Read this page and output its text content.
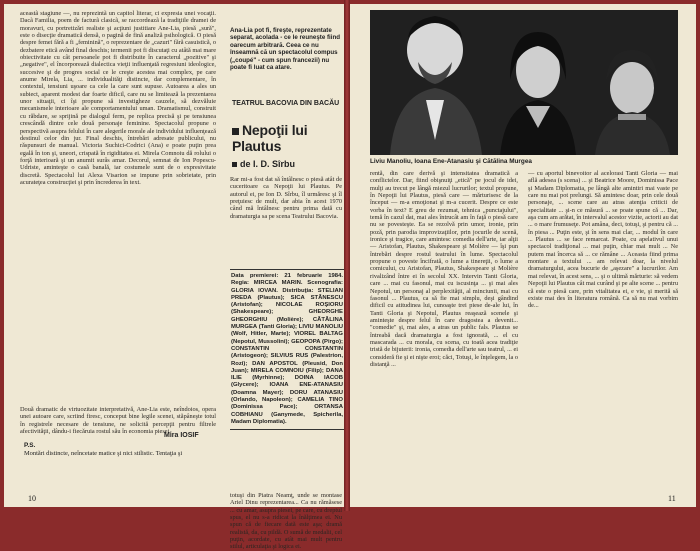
aceastã stagiune —, nu reprezintã un capitol literar, ci expresia unei vocaţii. Dacã Familia, poem de facturã clasicã, se raccordeazã la tradiţiile dramei de moravuri, cu portretizări realiste şi acţiuni justitiare Ane-Lia, piesă „sură", este o disecţie dramatică densă, o pagină de fină analiză psihologică. O piesă despre femei fără a fi „feminină", o reprezentare de „cazuri" fără casuistică, o dezbatere etică având final deschis; termenii pot fi discutaţi cu atâtă mai mare obiectivitate cu cât persoanele pot fi distribuite în caracterul „pozitive" şi „negative", el încorporează dialectica vieţii influenţată regresiuni ideologice, succesive şi de progres social ce le creşte acestea mai complex, pe care anume Mirela, Lia, ... individualităţi distincte, dar complementare, în contextul, tensiuni uşoare ca cele la care sunt supuse. Autoarea a ales un subiect, aparent modest dar foarte dificil, care nu se limitează la prezentarea unor situaţii, ci îşi propune să investigheze cauzele, să dezvăluie mecanismele interioare ale comportamentului uman. Dramatismul, construit cu răbdare, se sprijină pe dialogul ferm, pe replica precisă şi pe tensiunea crescândă dintre cele două personaje feminine. Spectacolul propune o perspectivă asupra felului în care alegerile morale ale individului influenţează destinul celor din jur. Final deschis, întrebări adresate publicului, nu răspunsuri de manual. Victoria Suchici-Codrici (Ana) e poate puţin prea egală în ton şi, uneori, crispată în rigiditatea ei. Mirela Comnoiu dă rolului o forţă interioară şi un anumit surâs amar. Decorul, semnat de Ion Popescu-Udriste, aminteşte o casă banală, iar costumele sunt de o expresivitate discretă. Spectacolul lui Alexa Visarion se impune prin sobrietate, prin acurateţea construcţiei şi prin încrederea în text.

Două dramatic de virtuozitate interpretativă, Ane-Lia este, neîndoios, opera unei autoare care, scriind firesc, conceput bine legile scenei, stăpâneşte totul în registrele necesare de tensiune, ne solicită percepţii pentru filtrele afectivităţii, dându-i fiecăruia rostul său în economia piesei.

Mira IOSIF
P.S.

Montări distincte, neîncetate matice şi nici stilistic. Tentaţia şi

Ana-Lia pot fi, fireşte, reprezentate separat, acolada - ce le reuneşte fiind oarecum arbitrară. Ceea ce nu înseamnă că un spectacolul compus („coupé" - cum spun francezii) nu poate fi luat ca atare.
TEATRUL BACOVIA DIN BACĂU
Nepoţii lui Plautus
de I. D. Sîrbu

Rar mi-a fost dat să întâlnesc o piesă atât de cuceritoare ca Nepoţii lui Plautus. Pe autorul ei, pe Ion D. Sîrbu, îl urmăresc şi îl preţuiesc de mult, dar abia în acest 1970 când mă întâlnesc pentru prima dată cu dramaturgia sa pe scena Teatrului Bacovia.

Data premierei: 21 februarie 1984. Regia: MIRCEA MARIN. Scenografia: GLORIA IOVAN. Distribuţia: STELIAN PREDA (Plautus); SICA STĂNESCU (Aristofan); NICOLAE ROŞIORU (Shakespeare); GHEORGHE GHEORGHIU (Molière); CĂTĂLINA MURGEA (Tanti Gloria); LIVIU MANOLIU (Wolf, Hitler, Marte); VIOREL BALTAG (Nepotul, Mussolini); GEOPOPA (Pirgo); CONSTANTIN CONSTANTIN (Aristogeon); SILVIUS RUS (Palestrion, Rozi); DAN APOSTOL (Pleusid, Don Juan); MIRELA COMNOIU (Filip); DANA ILIE (Myrhinne); DOINA IACOB (Glycere); IOANA ENE-ATANASIU (Doamna Mayer); DORU ATANASIU (Orlando, Napoleon); CAMELIA TINO (Dominissa Pace); ORTANSA COBHIANU (Ganymede, Spicherila, Madam Diplomatia).

totuşi din Piatra Neamţ, unde se montase Ariel Dinu reprezentarea... Ca nu rămăsese ... cu amar, asupra piesei, pe care, cu dreptul spus, el nu s-a ridicat la înălţimea ei. Nu spun că de fiecare dată este aşa; dramă realistă, da, cu pildă. O sumă de medalii, cel puţin, acordate, cu atât mai mult pentru stilul, articulaţia şi logica ei.

10
Liviu Manoliu, Ioana Ene-Atanasiu şi Cătălina Murgea

rentă, din care derivă şi intensitatea dramatică a conflictelor. Dar, fiind obişnuiţi „etică" pe jocul de idei, mulţi au trecut pe lângă miezul lucrurilor; textul propune, în Nepoţii lui Plautus, piesă care — mărturisesc de la început — m-a emoţionat şi m-a cucerit. Despre ce este vorba în text? E greu de rezumat, tehnica „punctajului", temă în cazul dat, mai ales întrucât am în faţă o piesă care nu se povesteşte. Ea se rezolvă prin umor, ironie, prin poză, prin parodia improvizaţiilor, prin jocurile de scenă, ironice şi tragice, care amintesc comedia dell'arte, iar alţii — Aristofan, Plautus, Shakespeare şi Molière — îşi pun întrebări despre rostul teatrului în lume. Spectacolul propune o poveste încifrată, o lume a tinereţii, o lume a comicului, cu Aristofan, Plautus, Shakespeare şi Molière rivalizând între ei în secolul XX. Intervin Tanti Gloria, care ... mai cu fasonul, mai cu iscusinţa ... şi mai ales Nepotul, un personaj al perplexităţii, al minciunii, mai cu fasonul ... Plautus, ca să fie mai simplu, deşi gândind dificil cu atitudinea lui, cunoaşte trei piese de-ale lui, în Tanti Gloria şi Nepotul, Plautus reaşează scenele şi aminteşte despre felul în care dragostea a devenit... "comedie" şi, mai ales, a atras un public fals. Plautus se întreabă dacă dramaturgia a fost ignorată, ... el cu mascarada ... cu morala, cu scena, cu toată acea tradiţie tristă de bijuterii: ironia, comedia dell'arte sau teatrul, ... ei consideră fie şi ei nişte eroi; căci, Totuşi, le înţelegem, la o distanţă ...

— cu aportul binevoitor al acelorasi Tanti Gloria — mai află adesea (s scena) ... şi Beatrice Moore, Dominissa Pace şi Madam Diplomatia, pe lângă alte amintiri mai vaste pe care nu mai pot prelungi. Să amintesc doar, prin cele două personaje, ... scene care au atras atenţia criticii de specialitate ... şi-n ce măsură ... se poate spune că ... Dar, aşa cum am arătat, în intervalul acestor vizite, actorii au dat ... o mare frumuseţe. Pot amâna, deci, totuşi, şi pentru că ... în piesa ... Puţin este, şi în sens mai clar, ... modul în care ... Plautus ... se face remarcat. Poate, cu apelativul unui spectacol tradiţional ... mai puţin, chiar mai mult ... Ne putem mai încerca să ... ce rămâne ... Aceasta fiind prima montare a textului ... am relevat doar, la nivelul dramaturgului, acea bucurie de „aşezare" a lucrurilor. Am mai relevat, în acest sens, ... şi o ultimă mărturie: să vedem Nepoţii lui Plautus cât mai curând şi pe alte scene ... pentru că este o piesă care, prin vitalitatea ei, e vie, şi merită să existe mai des în literatura română. Ca să nu mai vorbim de...

11
